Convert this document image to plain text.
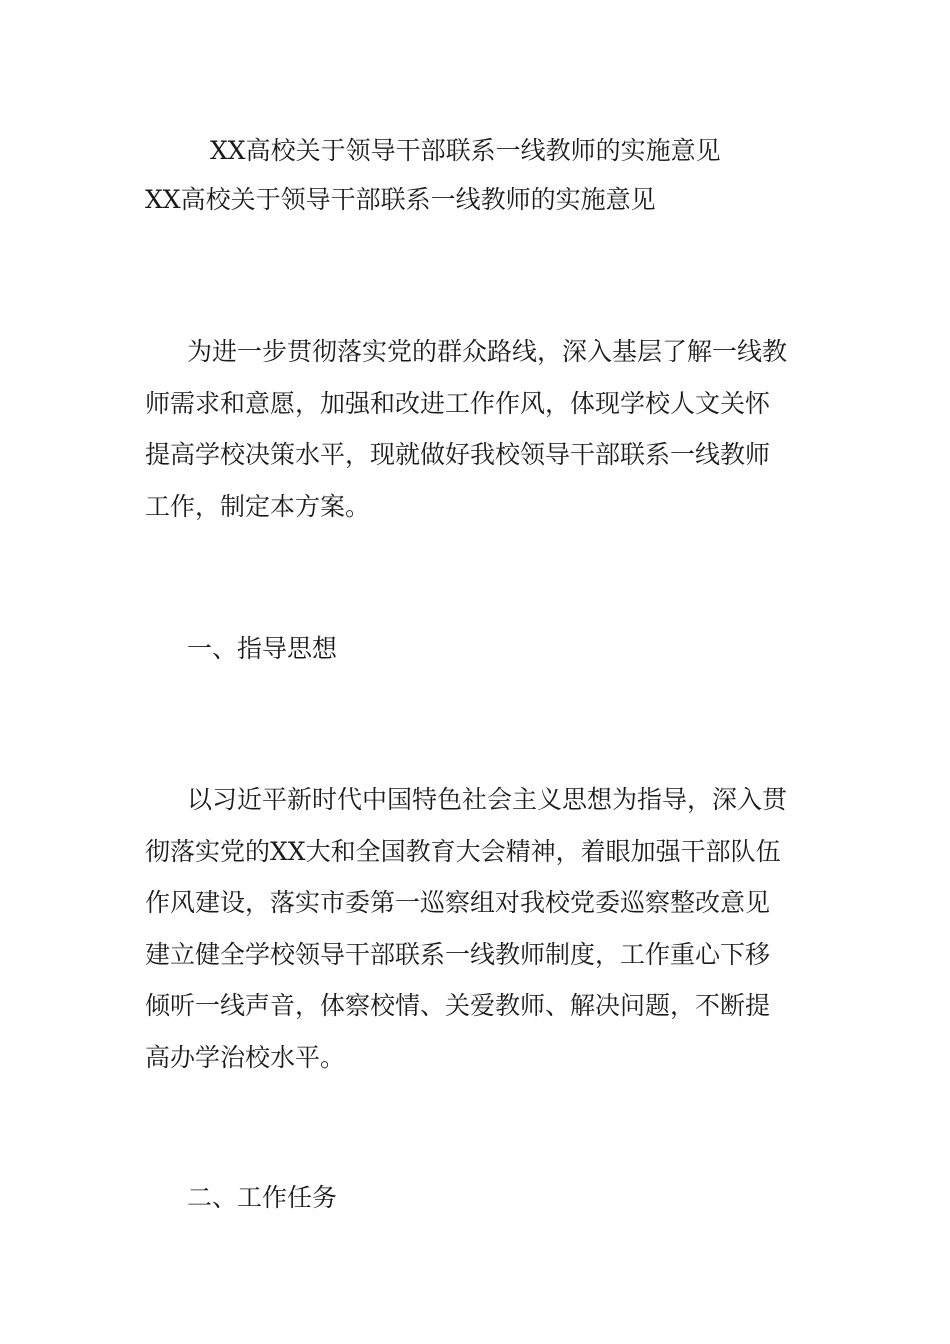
XX高校关于领导干部联系一线教师的实施意见
XX高校关于领导干部联系一线教师的实施意见
为进一步贯彻落实党的群众路线，深入基层了解一线教
师需求和意愿，加强和改进工作作风，体现学校人文关怀
提高学校决策水平，现就做好我校领导干部联系一线教师
工作，制定本方案。
一、指导思想
以习近平新时代中国特色社会主义思想为指导，深入贯
彻落实党的XX大和全国教育大会精神，着眼加强干部队伍
作风建设，落实市委第一巡察组对我校党委巡察整改意见
建立健全学校领导干部联系一线教师制度，工作重心下移
倾听一线声音，体察校情、关爱教师、解决问题，不断提
高办学治校水平。
二、工作任务
